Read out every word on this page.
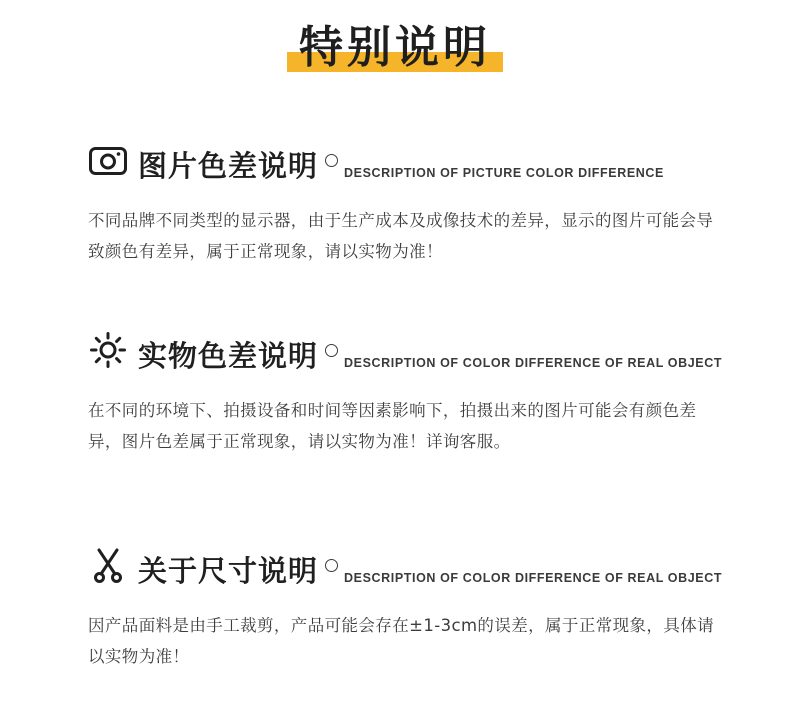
特别说明
图片色差说明 DESCRIPTION OF PICTURE COLOR DIFFERENCE
不同品牌不同类型的显示器，由于生产成本及成像技术的差异，显示的图片可能会导致颜色有差异，属于正常现象，请以实物为准！
实物色差说明 DESCRIPTION OF COLOR DIFFERENCE OF REAL OBJECT
在不同的环境下、拍摄设备和时间等因素影响下，拍摄出来的图片可能会有颜色差异，图片色差属于正常现象，请以实物为准！详询客服。
关于尺寸说明 DESCRIPTION OF COLOR DIFFERENCE OF REAL OBJECT
因产品面料是由手工裁剪，产品可能会存在±1-3cm的误差，属于正常现象，具体请以实物为准！
